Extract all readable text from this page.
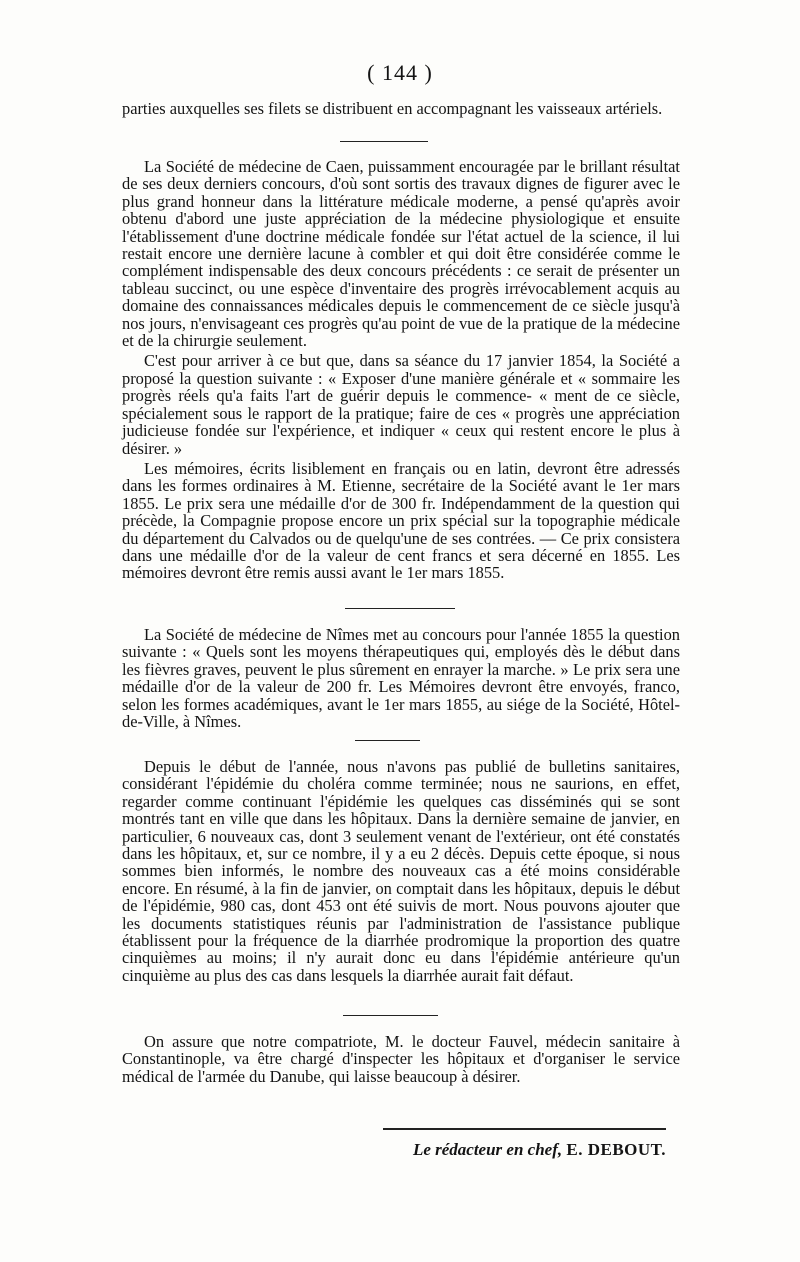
( 144 )

parties auxquelles ses filets se distribuent en accompagnant les vaisseaux artériels.

La Société de médecine de Caen, puissamment encouragée par le brillant résultat de ses deux derniers concours, d'où sont sortis des travaux dignes de figurer avec le plus grand honneur dans la littérature médicale moderne, a pensé qu'après avoir obtenu d'abord une juste appréciation de la médecine physiologique et ensuite l'établissement d'une doctrine médicale fondée sur l'état actuel de la science, il lui restait encore une dernière lacune à combler et qui doit être considérée comme le complément indispensable des deux concours précédents : ce serait de présenter un tableau succinct, ou une espèce d'inventaire des progrès irrévocablement acquis au domaine des connaissances médicales depuis le commencement de ce siècle jusqu'à nos jours, n'envisageant ces progrès qu'au point de vue de la pratique de la médecine et de la chirurgie seulement.

C'est pour arriver à ce but que, dans sa séance du 17 janvier 1854, la Société a proposé la question suivante : « Exposer d'une manière générale et « sommaire les progrès réels qu'a faits l'art de guérir depuis le commence- « ment de ce siècle, spécialement sous le rapport de la pratique; faire de ces « progrès une appréciation judicieuse fondée sur l'expérience, et indiquer « ceux qui restent encore le plus à désirer. »

Les mémoires, écrits lisiblement en français ou en latin, devront être adressés dans les formes ordinaires à M. Etienne, secrétaire de la Société avant le 1er mars 1855. Le prix sera une médaille d'or de 300 fr. Indépendamment de la question qui précède, la Compagnie propose encore un prix spécial sur la topographie médicale du département du Calvados ou de quelqu'une de ses contrées. — Ce prix consistera dans une médaille d'or de la valeur de cent francs et sera décerné en 1855. Les mémoires devront être remis aussi avant le 1er mars 1855.

La Société de médecine de Nîmes met au concours pour l'année 1855 la question suivante : « Quels sont les moyens thérapeutiques qui, employés dès le début dans les fièvres graves, peuvent le plus sûrement en enrayer la marche. » Le prix sera une médaille d'or de la valeur de 200 fr. Les Mémoires devront être envoyés, franco, selon les formes académiques, avant le 1er mars 1855, au siége de la Société, Hôtel-de-Ville, à Nîmes.

Depuis le début de l'année, nous n'avons pas publié de bulletins sanitaires, considérant l'épidémie du choléra comme terminée; nous ne saurions, en effet, regarder comme continuant l'épidémie les quelques cas disséminés qui se sont montrés tant en ville que dans les hôpitaux. Dans la dernière semaine de janvier, en particulier, 6 nouveaux cas, dont 3 seulement venant de l'extérieur, ont été constatés dans les hôpitaux, et, sur ce nombre, il y a eu 2 décès. Depuis cette époque, si nous sommes bien informés, le nombre des nouveaux cas a été moins considérable encore. En résumé, à la fin de janvier, on comptait dans les hôpitaux, depuis le début de l'épidémie, 980 cas, dont 453 ont été suivis de mort. Nous pouvons ajouter que les documents statistiques réunis par l'administration de l'assistance publique établissent pour la fréquence de la diarrhée prodromique la proportion des quatre cinquièmes au moins; il n'y aurait donc eu dans l'épidémie antérieure qu'un cinquième au plus des cas dans lesquels la diarrhée aurait fait défaut.

On assure que notre compatriote, M. le docteur Fauvel, médecin sanitaire à Constantinople, va être chargé d'inspecter les hôpitaux et d'organiser le service médical de l'armée du Danube, qui laisse beaucoup à désirer.

Le rédacteur en chef, E. DEBOUT.
